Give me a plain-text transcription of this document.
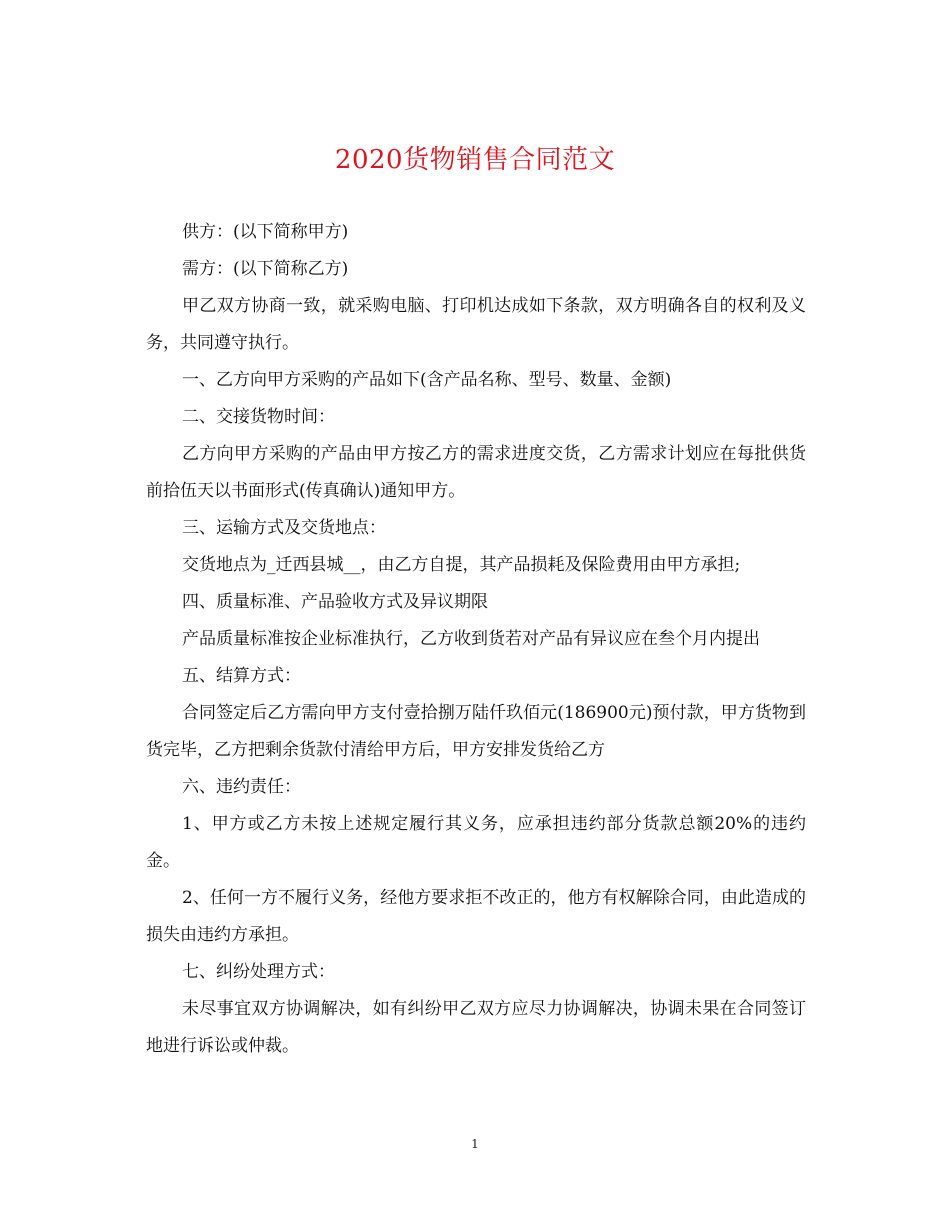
2020货物销售合同范文

供方：(以下简称甲方)

需方：(以下简称乙方)

甲乙双方协商一致，就采购电脑、打印机达成如下条款，双方明确各自的权利及义务，共同遵守执行。

一、乙方向甲方采购的产品如下(含产品名称、型号、数量、金额)

二、交接货物时间：

乙方向甲方采购的产品由甲方按乙方的需求进度交货，乙方需求计划应在每批供货前拾伍天以书面形式(传真确认)通知甲方。

三、运输方式及交货地点：

交货地点为_迁西县城__，由乙方自提，其产品损耗及保险费用由甲方承担;

四、质量标准、产品验收方式及异议期限

产品质量标准按企业标准执行，乙方收到货若对产品有异议应在叁个月内提出

五、结算方式：

合同签定后乙方需向甲方支付壹拾捌万陆仟玖佰元(186900元)预付款，甲方货物到货完毕，乙方把剩余货款付清给甲方后，甲方安排发货给乙方

六、违约责任：

1、甲方或乙方未按上述规定履行其义务，应承担违约部分货款总额20%的违约金。

2、任何一方不履行义务，经他方要求拒不改正的，他方有权解除合同，由此造成的损失由违约方承担。

七、纠纷处理方式：

未尽事宜双方协调解决，如有纠纷甲乙双方应尽力协调解决，协调未果在合同签订地进行诉讼或仲裁。

1
